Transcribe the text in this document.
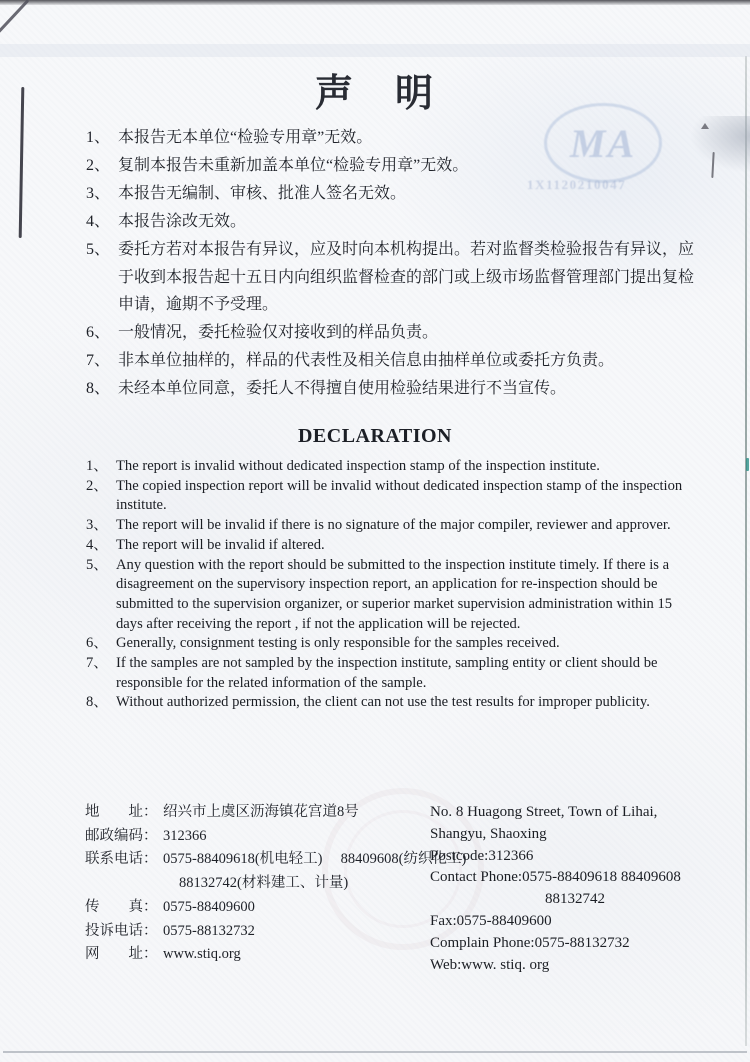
MA
1X1120210047
声　明
1、 本报告无本单位“检验专用章”无效。
2、 复制本报告未重新加盖本单位“检验专用章”无效。
3、 本报告无编制、审核、批准人签名无效。
4、 本报告涂改无效。
5、 委托方若对本报告有异议，应及时向本机构提出。若对监督类检验报告有异议，应于收到本报告起十五日内向组织监督检查的部门或上级市场监督管理部门提出复检申请，逾期不予受理。
6、 一般情况，委托检验仅对接收到的样品负责。
7、 非本单位抽样的，样品的代表性及相关信息由抽样单位或委托方负责。
8、 未经本单位同意，委托人不得擅自使用检验结果进行不当宣传。
DECLARATION
1、 The report is invalid without dedicated inspection stamp of the inspection institute.
2、 The copied inspection report will be invalid without dedicated inspection stamp of the inspection institute.
3、 The report will be invalid if there is no signature of the major compiler, reviewer and approver.
4、 The report will be invalid if altered.
5、 Any question with the report should be submitted to the inspection institute timely. If there is a disagreement on the supervisory inspection report, an application for re-inspection should be submitted to the supervision organizer, or superior market supervision administration within 15 days after receiving the report , if not the application will be rejected.
6、 Generally, consignment testing is only responsible for the samples received.
7、 If the samples are not sampled by the inspection institute, sampling entity or client should be responsible for the related information of the sample.
8、 Without authorized permission, the client can not use the test results for improper publicity.
地　　址： 绍兴市上虞区沥海镇花宫道8号
邮政编码： 312366
联系电话： 0575-88409618(机电轻工)　 88409608(纺织化工)
88132742(材料建工、计量)
传　　真： 0575-88409600
投诉电话： 0575-88132732
网　　址： www.stiq.org
No. 8 Huagong Street, Town of Lihai,
Shangyu, Shaoxing
Postcode:312366
Contact Phone:0575-88409618 88409608
88132742
Fax:0575-88409600
Complain Phone:0575-88132732
Web:www. stiq. org
